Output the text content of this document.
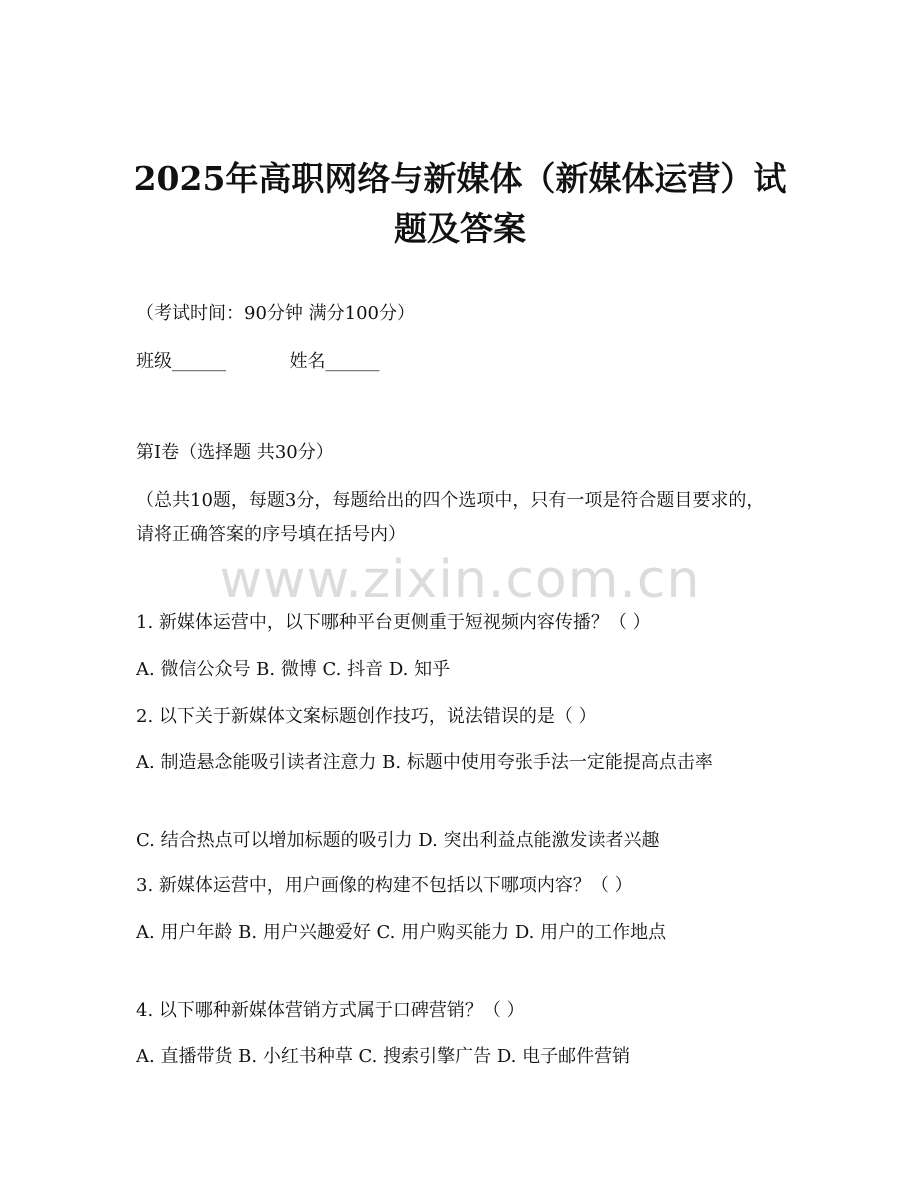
2025年高职网络与新媒体（新媒体运营）试
题及答案

（考试时间：90分钟 满分100分）

班级______	姓名______

第Ⅰ卷（选择题 共30分）

（总共10题，每题3分，每题给出的四个选项中，只有一项是符合题目要求的，请将正确答案的序号填在括号内）

www.zixin.com.cn

1. 新媒体运营中，以下哪种平台更侧重于短视频内容传播？（ ）

A. 微信公众号 B. 微博 C. 抖音 D. 知乎

2. 以下关于新媒体文案标题创作技巧，说法错误的是（ ）

A. 制造悬念能吸引读者注意力 B. 标题中使用夸张手法一定能提高点击率

C. 结合热点可以增加标题的吸引力 D. 突出利益点能激发读者兴趣

3. 新媒体运营中，用户画像的构建不包括以下哪项内容？（ ）

A. 用户年龄 B. 用户兴趣爱好 C. 用户购买能力 D. 用户的工作地点

4. 以下哪种新媒体营销方式属于口碑营销？（ ）

A. 直播带货 B. 小红书种草 C. 搜索引擎广告 D. 电子邮件营销
